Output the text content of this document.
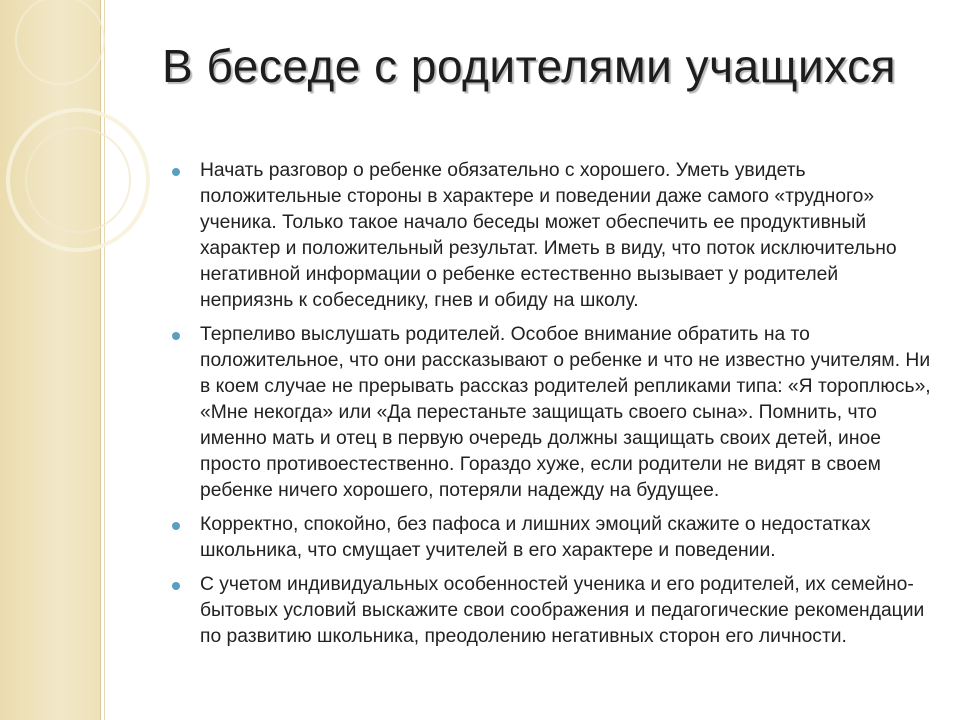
В беседе с родителями учащихся
Начать разговор о ребенке обязательно с хорошего. Уметь увидеть положительные стороны в характере и поведении даже самого «трудного» ученика. Только такое начало беседы может обеспечить ее продуктивный характер и положительный результат. Иметь в виду, что поток исключительно негативной информации о ребенке естественно вызывает у родителей неприязнь к собеседнику, гнев и обиду на школу.
Терпеливо выслушать родителей. Особое внимание обратить на то положительное, что они рассказывают о ребенке и что не известно учителям. Ни в коем случае не прерывать рассказ родителей репликами типа: «Я тороплюсь», «Мне некогда» или «Да перестаньте защищать своего сына». Помнить, что именно мать и отец в первую очередь должны защищать своих детей, иное просто противоестественно. Гораздо хуже, если родители не видят в своем ребенке ничего хорошего, потеряли надежду на будущее.
Корректно, спокойно, без пафоса и лишних эмоций скажите о недостатках школьника, что смущает учителей в его характере и поведении.
С учетом индивидуальных особенностей ученика и его родителей, их семейно-бытовых условий выскажите свои соображения и педагогические рекомендации по развитию школьника, преодолению негативных сторон его личности.
